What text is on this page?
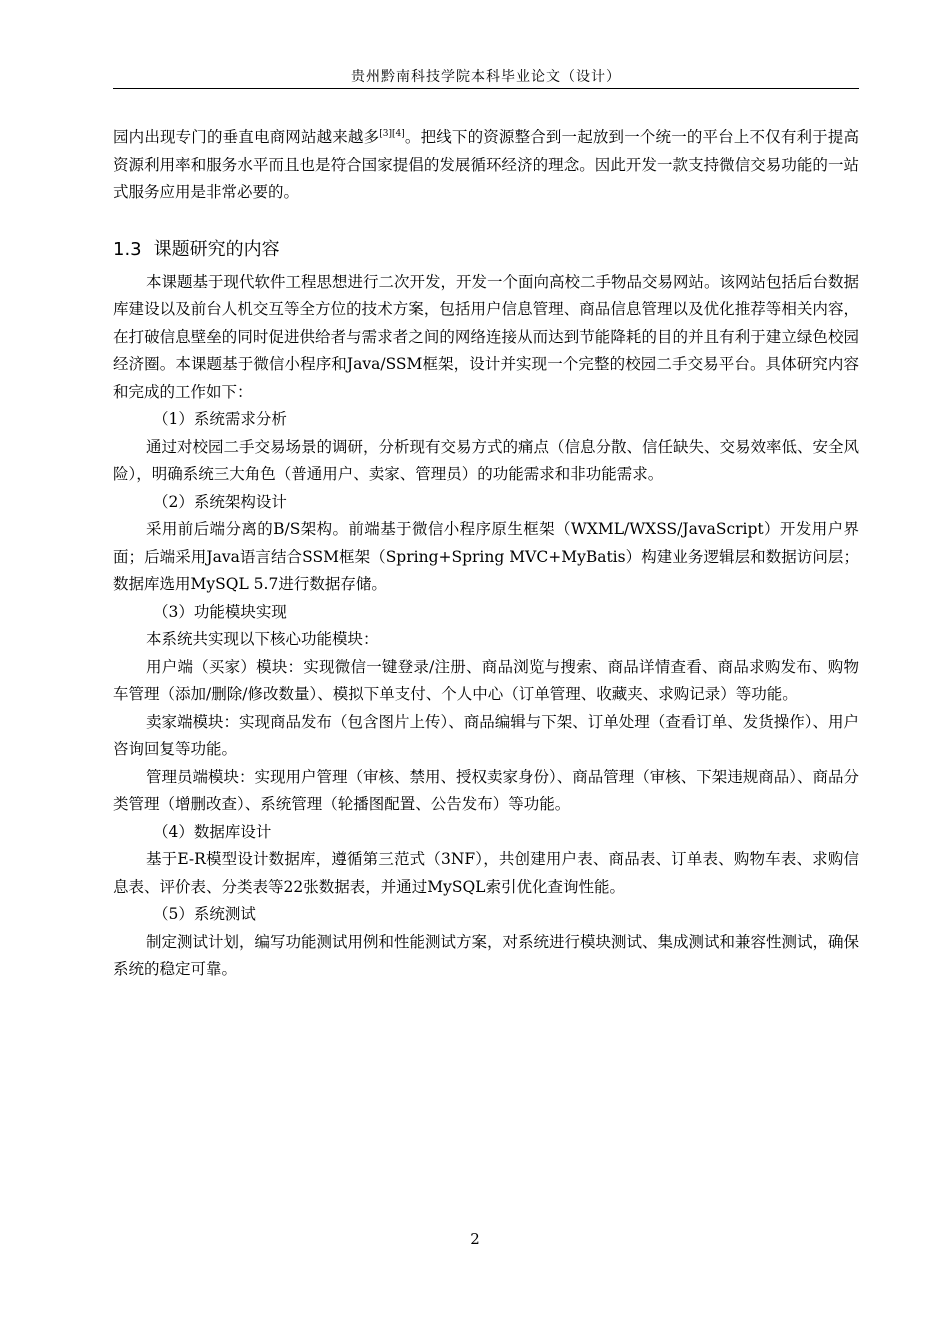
贵州黔南科技学院本科毕业论文（设计）

园内出现专门的垂直电商网站越来越多[3][4]。把线下的资源整合到一起放到一个统一的平台上不仅有利于提高资源利用率和服务水平而且也是符合国家提倡的发展循环经济的理念。因此开发一款支持微信交易功能的一站式服务应用是非常必要的。

1.3 课题研究的内容

本课题基于现代软件工程思想进行二次开发，开发一个面向高校二手物品交易网站。该网站包括后台数据库建设以及前台人机交互等全方位的技术方案，包括用户信息管理、商品信息管理以及优化推荐等相关内容，在打破信息壁垒的同时促进供给者与需求者之间的网络连接从而达到节能降耗的目的并且有利于建立绿色校园经济圈。本课题基于微信小程序和Java/SSM框架，设计并实现一个完整的校园二手交易平台。具体研究内容和完成的工作如下：

（1）系统需求分析

通过对校园二手交易场景的调研，分析现有交易方式的痛点（信息分散、信任缺失、交易效率低、安全风险），明确系统三大角色（普通用户、卖家、管理员）的功能需求和非功能需求。

（2）系统架构设计

采用前后端分离的B/S架构。前端基于微信小程序原生框架（WXML/WXSS/JavaScript）开发用户界面；后端采用Java语言结合SSM框架（Spring+Spring MVC+MyBatis）构建业务逻辑层和数据访问层；数据库选用MySQL 5.7进行数据存储。

（3）功能模块实现

本系统共实现以下核心功能模块：

用户端（买家）模块：实现微信一键登录/注册、商品浏览与搜索、商品详情查看、商品求购发布、购物车管理（添加/删除/修改数量）、模拟下单支付、个人中心（订单管理、收藏夹、求购记录）等功能。

卖家端模块：实现商品发布（包含图片上传）、商品编辑与下架、订单处理（查看订单、发货操作）、用户咨询回复等功能。

管理员端模块：实现用户管理（审核、禁用、授权卖家身份）、商品管理（审核、下架违规商品）、商品分类管理（增删改查）、系统管理（轮播图配置、公告发布）等功能。

（4）数据库设计

基于E-R模型设计数据库，遵循第三范式（3NF），共创建用户表、商品表、订单表、购物车表、求购信息表、评价表、分类表等22张数据表，并通过MySQL索引优化查询性能。

（5）系统测试

制定测试计划，编写功能测试用例和性能测试方案，对系统进行模块测试、集成测试和兼容性测试，确保系统的稳定可靠。

2
